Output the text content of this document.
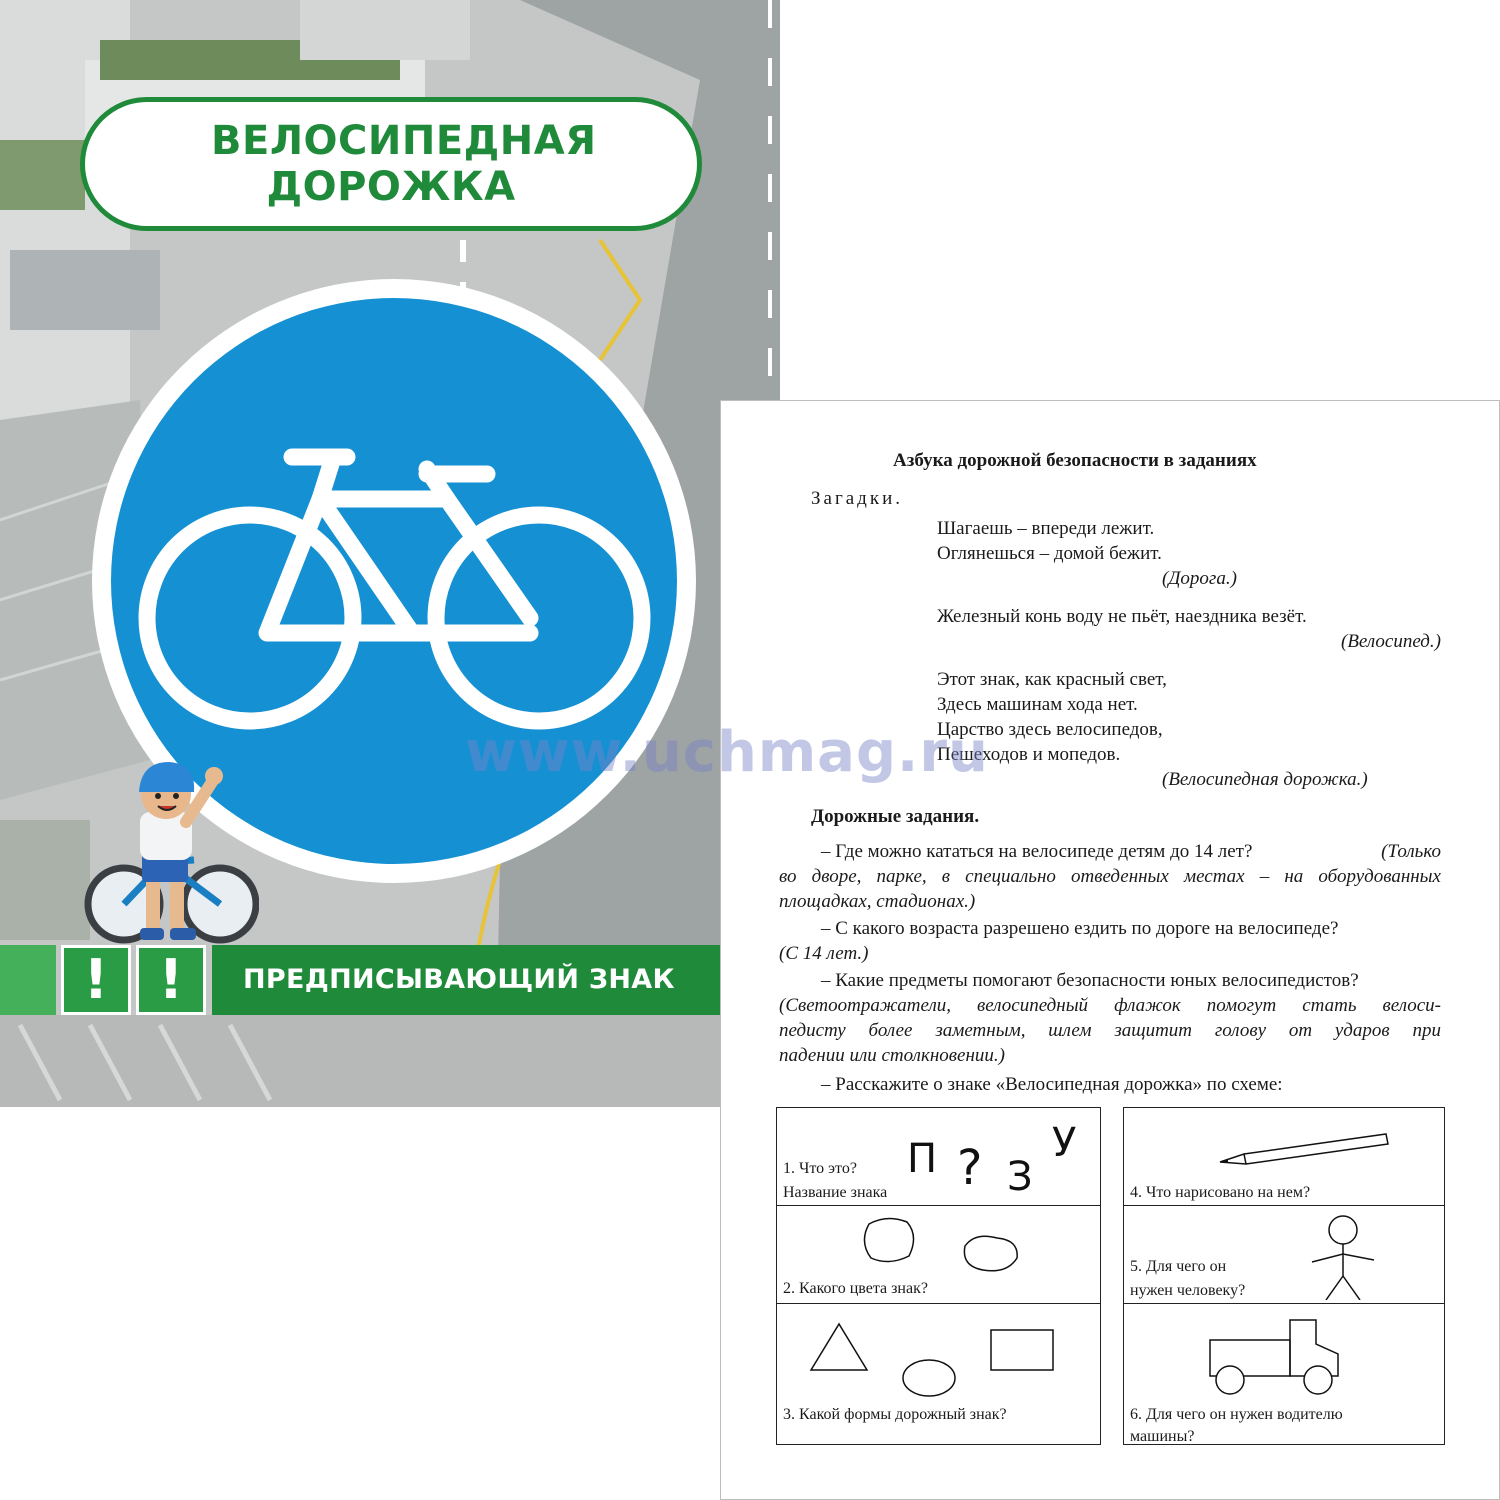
ВЕЛОСИПЕДНАЯ ДОРОЖКА
! !	ПРЕДПИСЫВАЮЩИЙ ЗНАК
Азбука дорожной безопасности в заданиях
Загадки.
Шагаешь – впереди лежит.
Оглянешься – домой бежит.
(Дорога.)
Железный конь воду не пьёт, наездника везёт.
(Велосипед.)
Этот знак, как красный свет,
Здесь машинам хода нет.
Царство здесь велосипедов,
Пешеходов и мопедов.
(Велосипедная дорожка.)
Дорожные задания.
– Где можно кататься на велосипеде детям до 14 лет?	(Только
во дворе, парке, в специально отведенных местах – на оборудованных
площадках, стадионах.)
– С какого возраста разрешено ездить по дороге на велосипеде?
(С 14 лет.)
– Какие предметы помогают безопасности юных велосипедистов?
(Светоотражатели, велосипедный флажок помогут стать велоси-
педисту более заметным, шлем защитит голову от ударов при
падении или столкновении.)
– Расскажите о знаке «Велосипедная дорожка» по схеме:
1. Что это?
Название знака
П ? З
У
2. Какого цвета знак?
3. Какой формы дорожный знак?
4. Что нарисовано на нем?
5. Для чего он
нужен человеку?
6. Для чего он нужен водителю
машины?
www.uchmag.ru
